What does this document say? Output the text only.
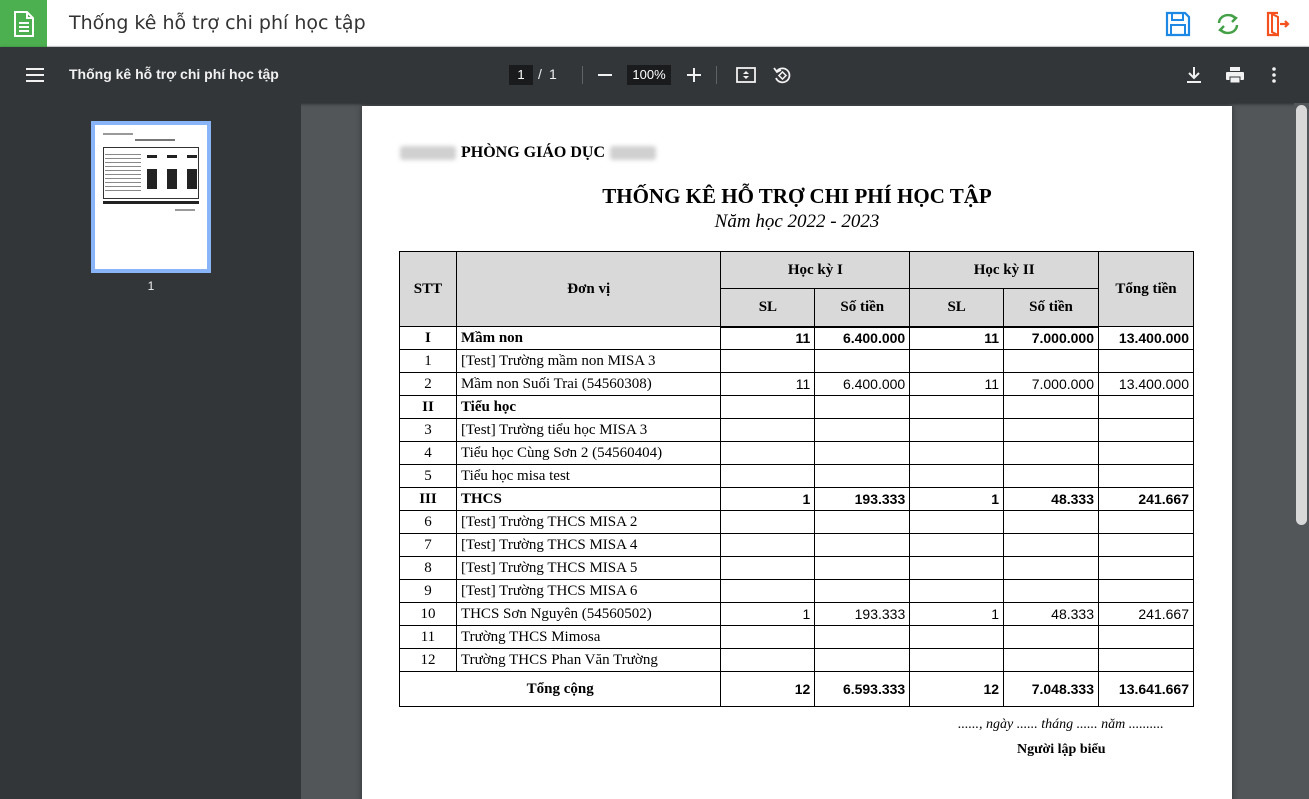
Thống kê hỗ trợ chi phí học tập
Thống kê hỗ trợ chi phí học tập	1 / 1	100%
1
PHÒNG GIÁO DỤC
THỐNG KÊ HỖ TRỢ CHI PHÍ HỌC TẬP
Năm học 2022 - 2023
STT	Đơn vị	Học kỳ I		Học kỳ II		Tổng tiền
		SL	Số tiền	SL	Số tiền	
I	Mầm non	11	6.400.000	11	7.000.000	13.400.000
1	[Test] Trường mầm non MISA 3					
2	Mầm non Suối Trai (54560308)	11	6.400.000	11	7.000.000	13.400.000
II	Tiểu học					
3	[Test] Trường tiểu học MISA 3					
4	Tiểu học Cùng Sơn 2 (54560404)					
5	Tiểu học misa test					
III	THCS	1	193.333	1	48.333	241.667
6	[Test] Trường THCS MISA 2					
7	[Test] Trường THCS MISA 4					
8	[Test] Trường THCS MISA 5					
9	[Test] Trường THCS MISA 6					
10	THCS Sơn Nguyên (54560502)	1	193.333	1	48.333	241.667
11	Trường THCS Mimosa					
12	Trường THCS Phan Văn Trường					
Tổng cộng		12	6.593.333	12	7.048.333	13.641.667
......, ngày ...... tháng ...... năm ..........
Người lập biểu
